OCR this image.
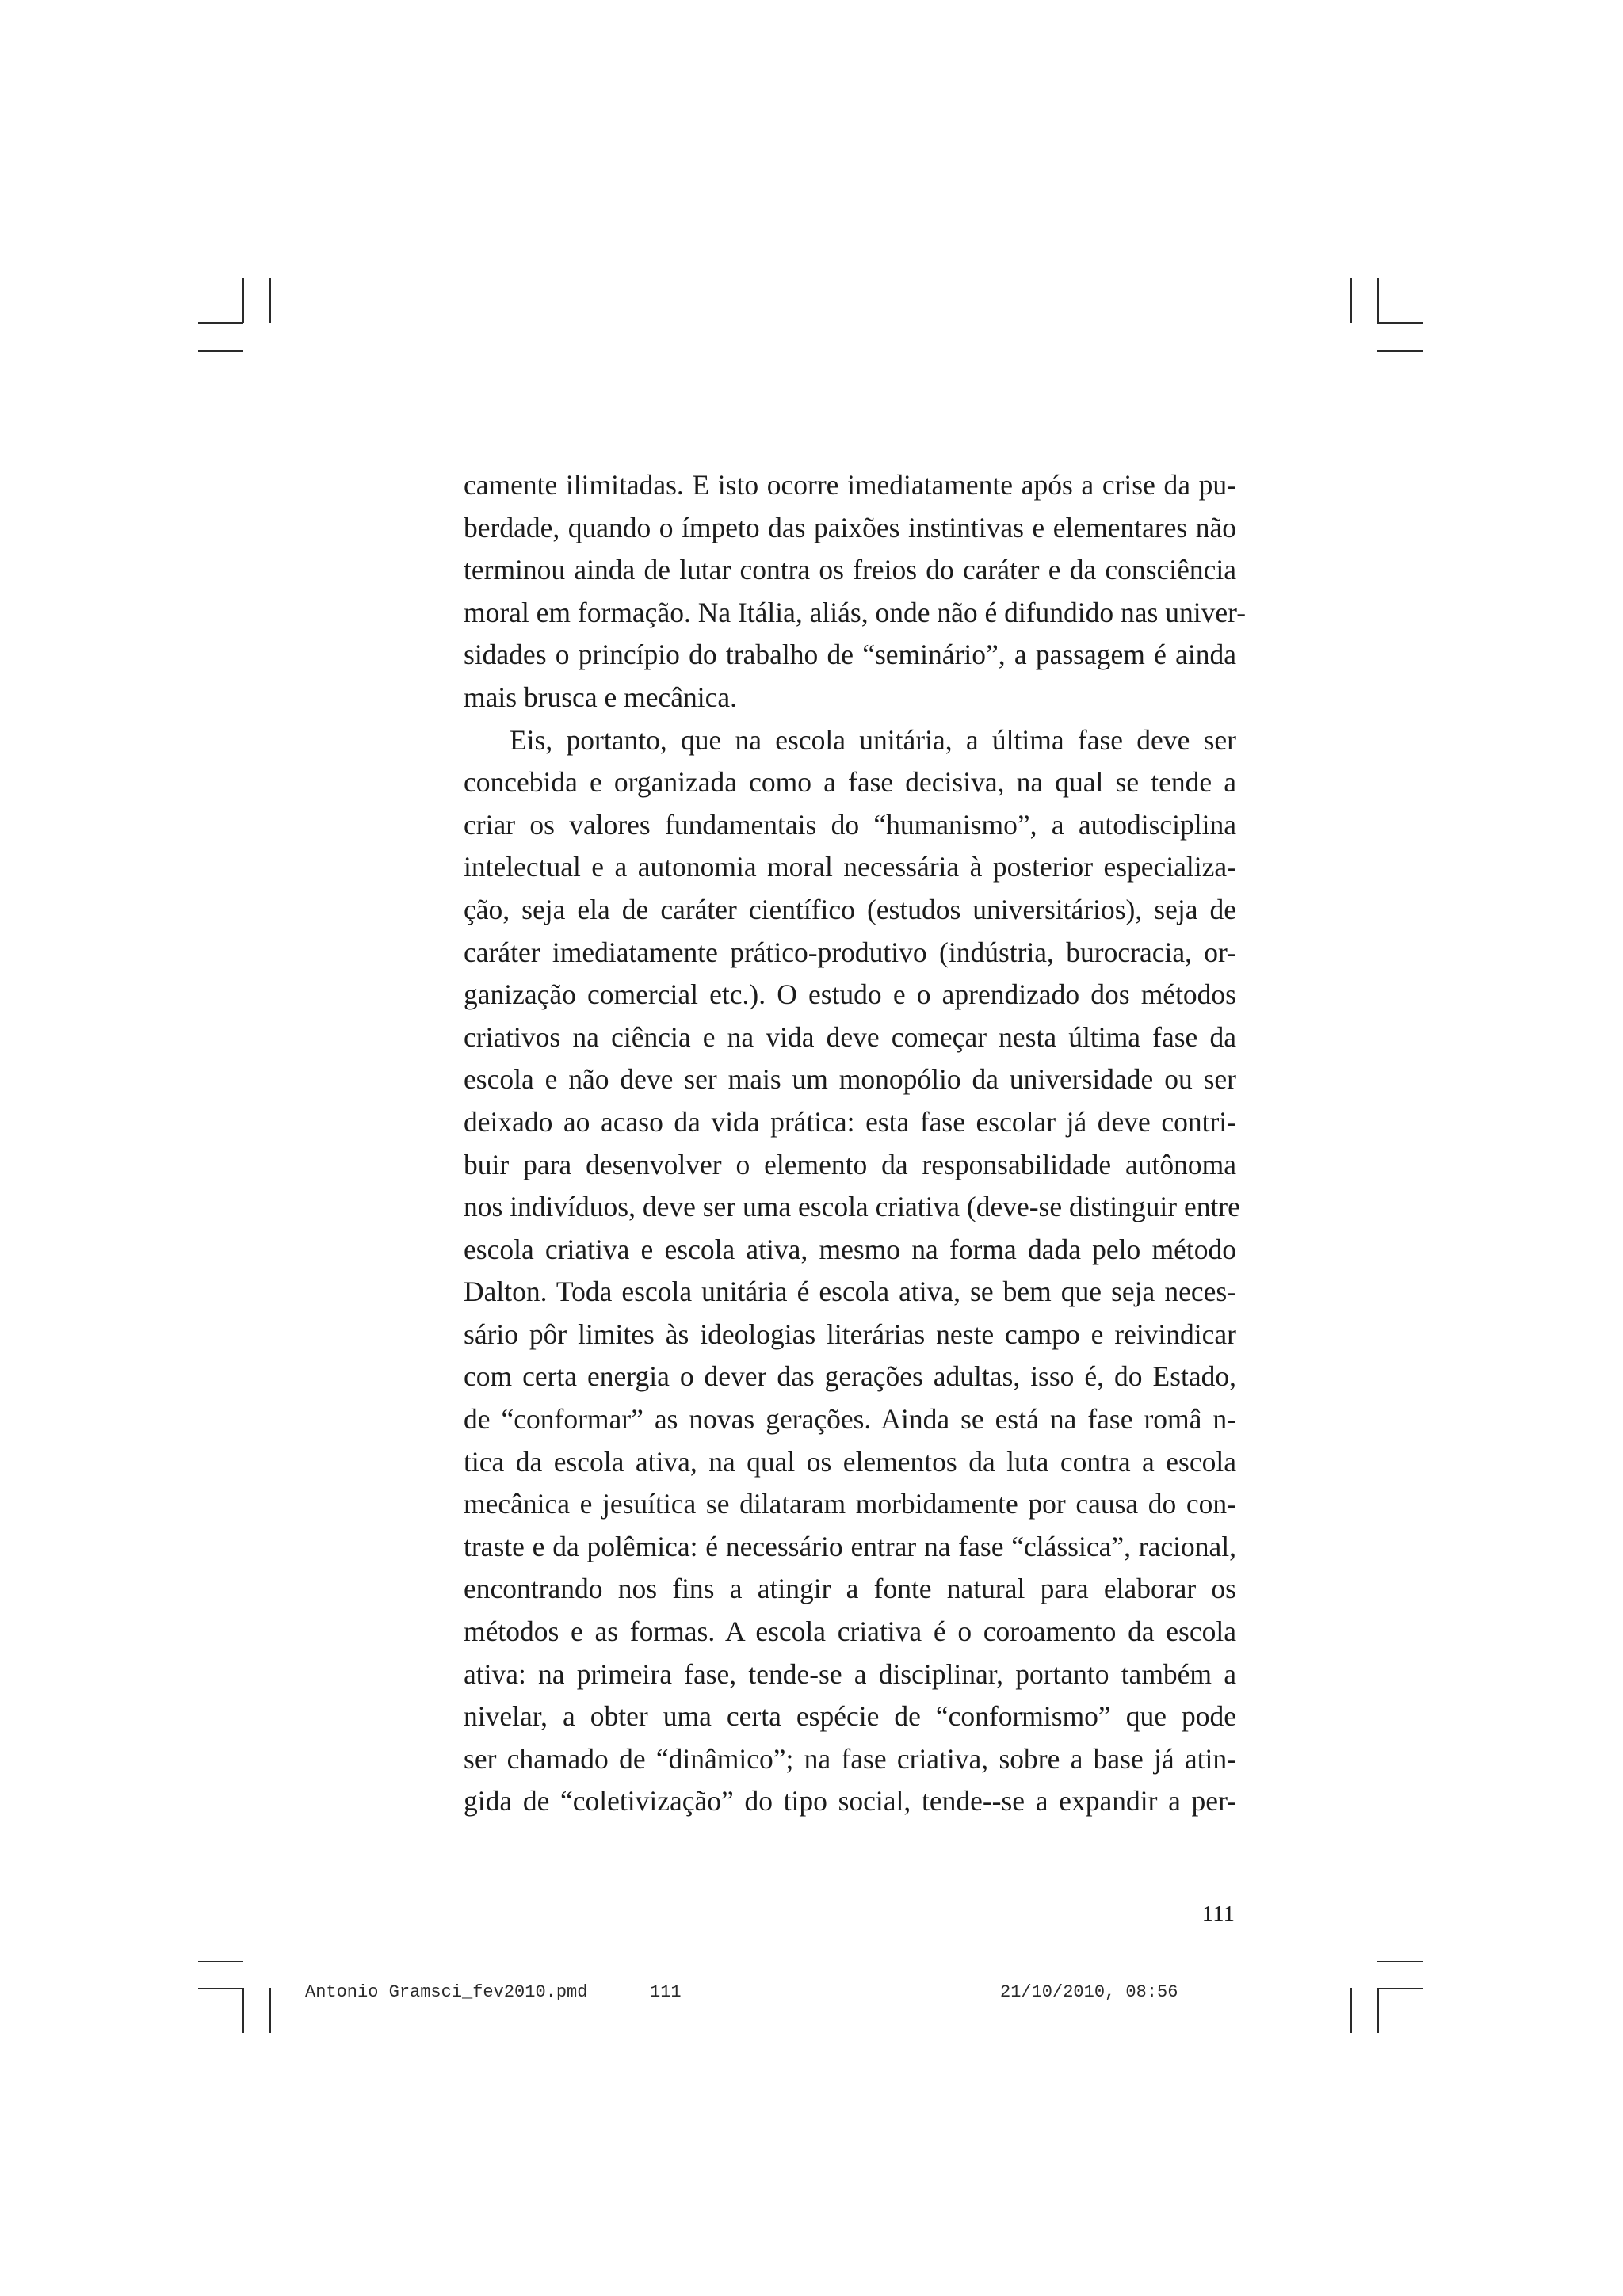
camente ilimitadas. E isto ocorre imediatamente após a crise da pu-
berdade, quando o ímpeto das paixões instintivas e elementares não
terminou ainda de lutar contra os freios do caráter e da consciência
moral em formação. Na Itália, aliás, onde não é difundido nas univer-
sidades o princípio do trabalho de “seminário”, a passagem é ainda
mais brusca e mecânica.
Eis, portanto, que na escola unitária, a última fase deve ser
concebida e organizada como a fase decisiva, na qual se tende a
criar os valores fundamentais do “humanismo”, a autodisciplina
intelectual e a autonomia moral necessária à posterior especializa-
ção, seja ela de caráter científico (estudos universitários), seja de
caráter imediatamente prático-produtivo (indústria, burocracia, or-
ganização comercial etc.). O estudo e o aprendizado dos métodos
criativos na ciência e na vida deve começar nesta última fase da
escola e não deve ser mais um monopólio da universidade ou ser
deixado ao acaso da vida prática: esta fase escolar já deve contri-
buir para desenvolver o elemento da responsabilidade autônoma
nos indivíduos, deve ser uma escola criativa (deve-se distinguir entre
escola criativa e escola ativa, mesmo na forma dada pelo método
Dalton. Toda escola unitária é escola ativa, se bem que seja neces-
sário pôr limites às ideologias literárias neste campo e reivindicar
com certa energia o dever das gerações adultas, isso é, do Estado,
de “conformar” as novas gerações. Ainda se está na fase româ n-
tica da escola ativa, na qual os elementos da luta contra a escola
mecânica e jesuítica se dilataram morbidamente por causa do con-
traste e da polêmica: é necessário entrar na fase “clássica”, racional,
encontrando nos fins a atingir a fonte natural para elaborar os
métodos e as formas. A escola criativa é o coroamento da escola
ativa: na primeira fase, tende-se a disciplinar, portanto também a
nivelar, a obter uma certa espécie de “conformismo” que pode
ser chamado de “dinâmico”; na fase criativa, sobre a base já atin-
gida de “coletivização” do tipo social, tende--se a expandir a per-
111
Antonio Gramsci_fev2010.pmd	111	21/10/2010, 08:56
